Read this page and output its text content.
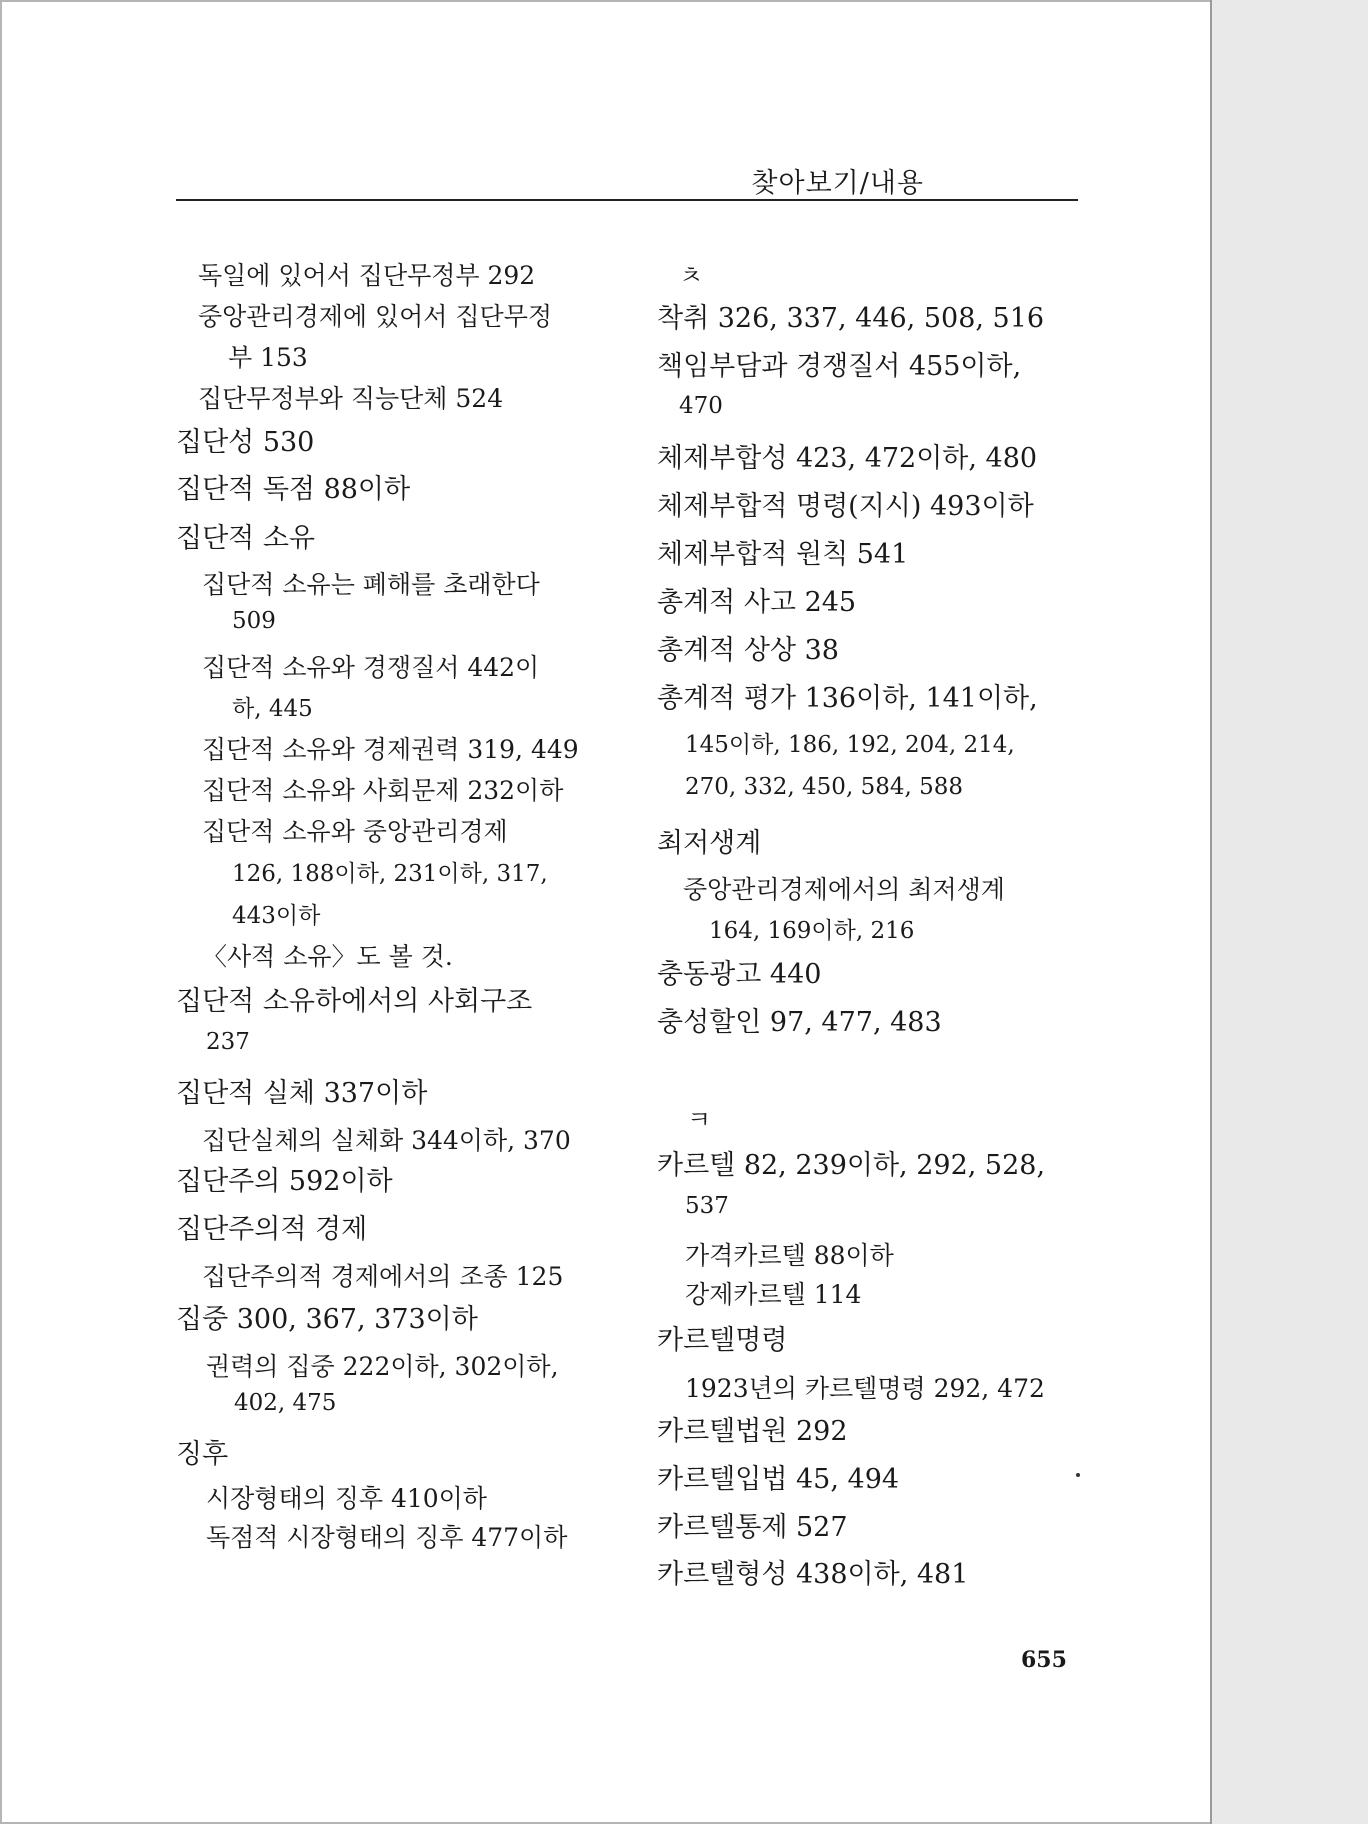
찾아보기/내용
독일에 있어서 집단무정부 292
중앙관리경제에 있어서 집단무정
부 153
집단무정부와 직능단체 524
집단성 530
집단적 독점 88이하
집단적 소유
집단적 소유는 폐해를 초래한다
509
집단적 소유와 경쟁질서 442이
하, 445
집단적 소유와 경제권력 319, 449
집단적 소유와 사회문제 232이하
집단적 소유와 중앙관리경제
126, 188이하, 231이하, 317,
443이하
〈사적 소유〉도 볼 것.
집단적 소유하에서의 사회구조
237
집단적 실체 337이하
집단실체의 실체화 344이하, 370
집단주의 592이하
집단주의적 경제
집단주의적 경제에서의 조종 125
집중 300, 367, 373이하
권력의 집중 222이하, 302이하,
402, 475
징후
시장형태의 징후 410이하
독점적 시장형태의 징후 477이하
ㅊ
착취 326, 337, 446, 508, 516
책임부담과 경쟁질서 455이하,
470
체제부합성 423, 472이하, 480
체제부합적 명령(지시) 493이하
체제부합적 원칙 541
총계적 사고 245
총계적 상상 38
총계적 평가 136이하, 141이하,
145이하, 186, 192, 204, 214,
270, 332, 450, 584, 588
최저생계
중앙관리경제에서의 최저생계
164, 169이하, 216
충동광고 440
충성할인 97, 477, 483
ㅋ
카르텔 82, 239이하, 292, 528,
537
가격카르텔 88이하
강제카르텔 114
카르텔명령
1923년의 카르텔명령 292, 472
카르텔법원 292
카르텔입법 45, 494
카르텔통제 527
카르텔형성 438이하, 481
655
